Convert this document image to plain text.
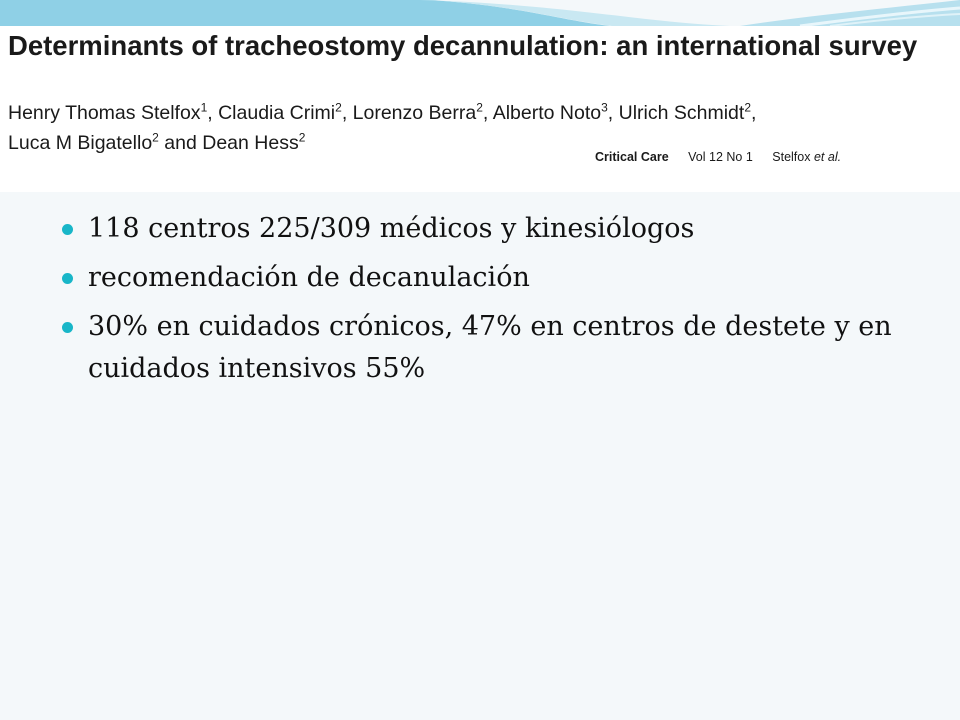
Determinants of tracheostomy decannulation: an international survey

Henry Thomas Stelfox$^1$, Claudia Crimi$^2$, Lorenzo Berra$^2$, Alberto Noto$^3$, Ulrich Schmidt$^2$,
Luca M Bigatello$^2$ and Dean Hess$^2$

Critical Care Vol 12 No 1 Stelfox et al.
118 centros 225/309 médicos y kinesiólogos
recomendación de decanulación
30% en cuidados crónicos, 47% en centros de destete y en cuidados intensivos 55%
